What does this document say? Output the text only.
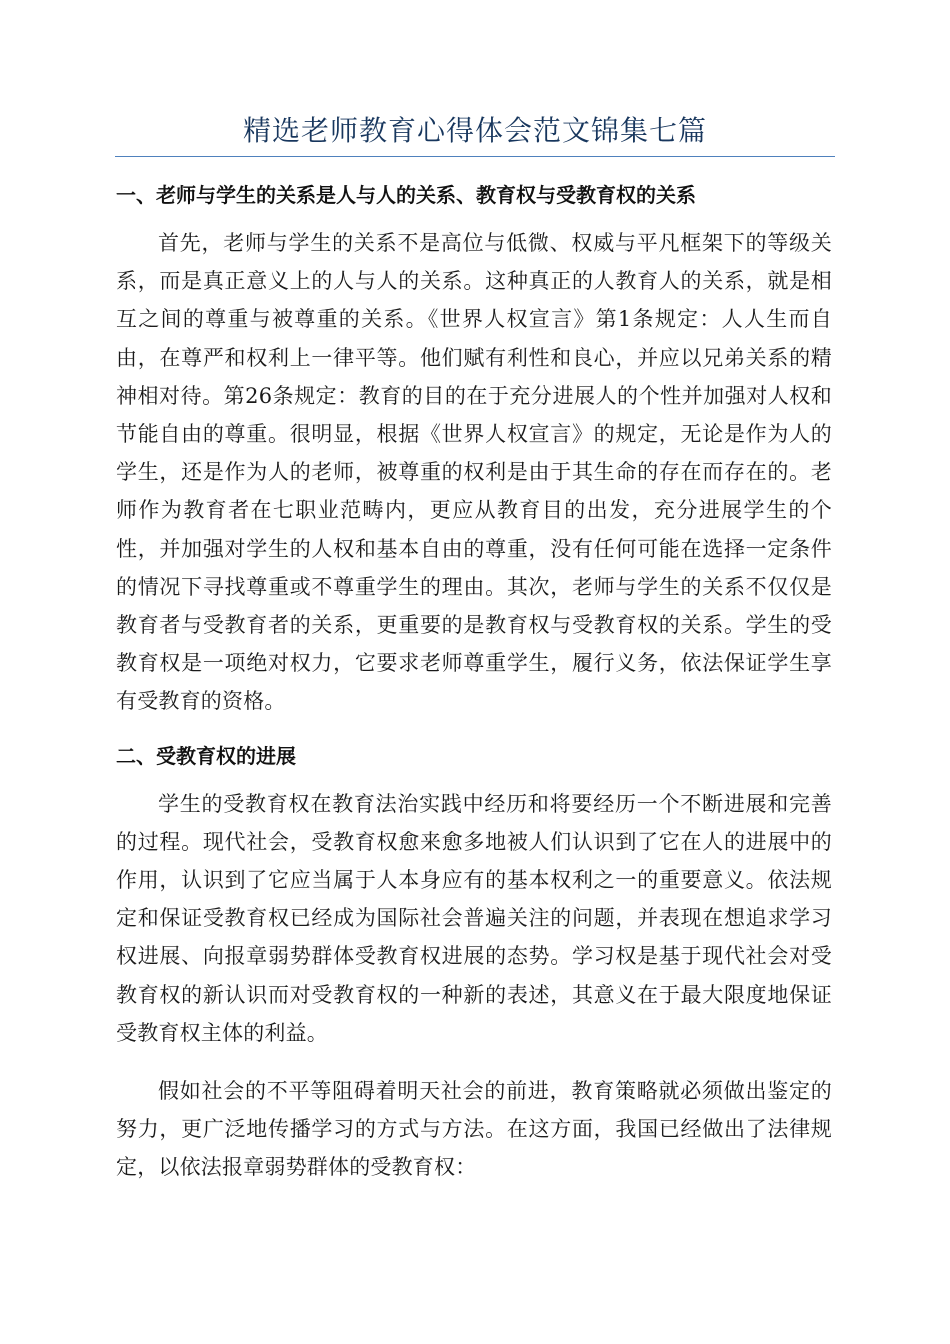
精选老师教育心得体会范文锦集七篇
一、老师与学生的关系是人与人的关系、教育权与受教育权的关系

首先，老师与学生的关系不是高位与低微、权威与平凡框架下的等级关系，而是真正意义上的人与人的关系。这种真正的人教育人的关系，就是相互之间的尊重与被尊重的关系。《世界人权宣言》第1条规定：人人生而自由，在尊严和权利上一律平等。他们赋有利性和良心，并应以兄弟关系的精神相对待。第26条规定：教育的目的在于充分进展人的个性并加强对人权和节能自由的尊重。很明显，根据《世界人权宣言》的规定，无论是作为人的学生，还是作为人的老师，被尊重的权利是由于其生命的存在而存在的。老师作为教育者在七职业范畴内，更应从教育目的出发，充分进展学生的个性，并加强对学生的人权和基本自由的尊重，没有任何可能在选择一定条件的情况下寻找尊重或不尊重学生的理由。其次，老师与学生的关系不仅仅是教育者与受教育者的关系，更重要的是教育权与受教育权的关系。学生的受教育权是一项绝对权力，它要求老师尊重学生，履行义务，依法保证学生享有受教育的资格。

二、受教育权的进展

学生的受教育权在教育法治实践中经历和将要经历一个不断进展和完善的过程。现代社会，受教育权愈来愈多地被人们认识到了它在人的进展中的作用，认识到了它应当属于人本身应有的基本权利之一的重要意义。依法规定和保证受教育权已经成为国际社会普遍关注的问题，并表现在想追求学习权进展、向报章弱势群体受教育权进展的态势。学习权是基于现代社会对受教育权的新认识而对受教育权的一种新的表述，其意义在于最大限度地保证受教育权主体的利益。

假如社会的不平等阻碍着明天社会的前进，教育策略就必须做出鉴定的努力，更广泛地传播学习的方式与方法。在这方面，我国已经做出了法律规定，以依法报章弱势群体的受教育权：
